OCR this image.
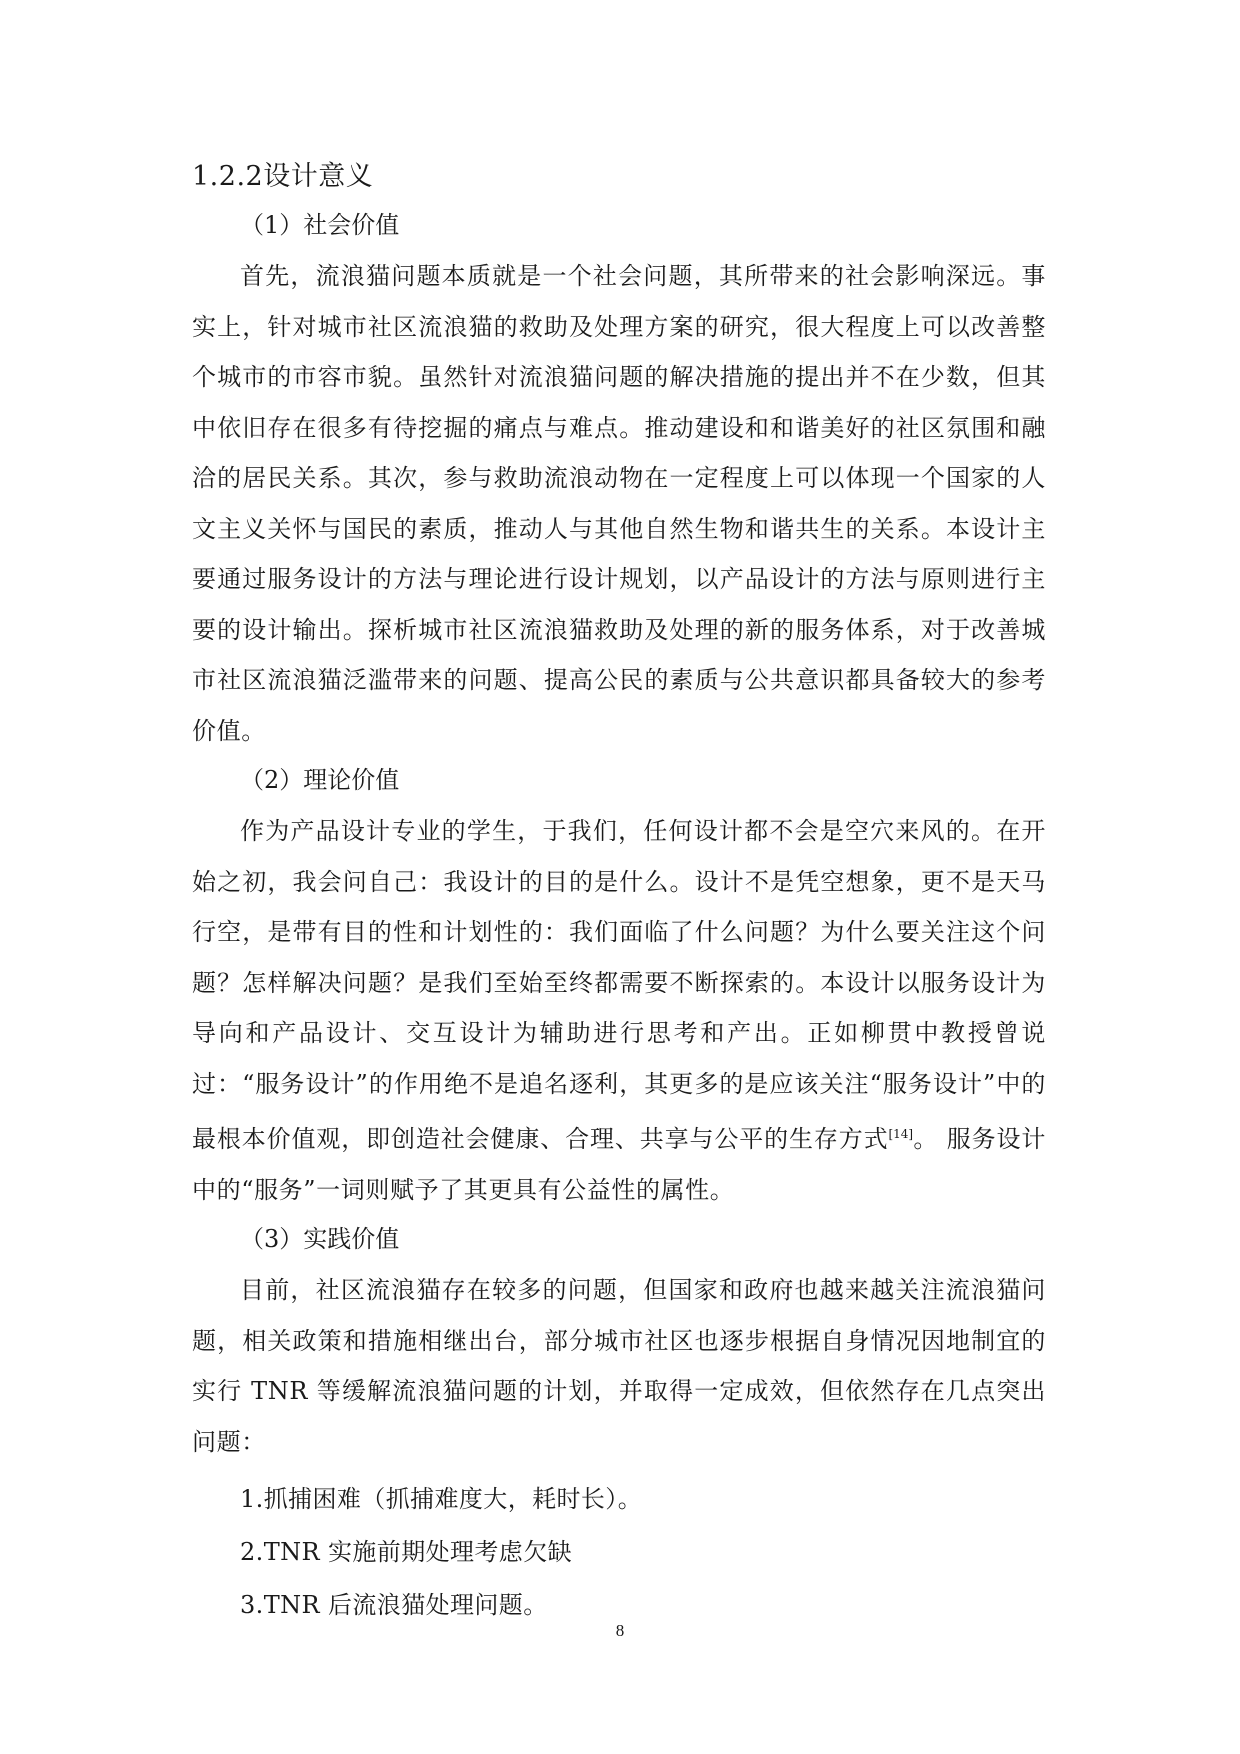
1.2.2设计意义
（1）社会价值

首先，流浪猫问题本质就是一个社会问题，其所带来的社会影响深远。事实上，针对城市社区流浪猫的救助及处理方案的研究，很大程度上可以改善整个城市的市容市貌。虽然针对流浪猫问题的解决措施的提出并不在少数，但其中依旧存在很多有待挖掘的痛点与难点。推动建设和和谐美好的社区氛围和融洽的居民关系。其次，参与救助流浪动物在一定程度上可以体现一个国家的人文主义关怀与国民的素质，推动人与其他自然生物和谐共生的关系。本设计主要通过服务设计的方法与理论进行设计规划，以产品设计的方法与原则进行主要的设计输出。探析城市社区流浪猫救助及处理的新的服务体系，对于改善城市社区流浪猫泛滥带来的问题、提高公民的素质与公共意识都具备较大的参考价值。

（2）理论价值

作为产品设计专业的学生，于我们，任何设计都不会是空穴来风的。在开始之初，我会问自己：我设计的目的是什么。设计不是凭空想象，更不是天马行空，是带有目的性和计划性的：我们面临了什么问题？为什么要关注这个问题？怎样解决问题？是我们至始至终都需要不断探索的。本设计以服务设计为导向和产品设计、交互设计为辅助进行思考和产出。正如柳贯中教授曾说过：“服务设计”的作用绝不是追名逐利，其更多的是应该关注“服务设计”中的最根本价值观，即创造社会健康、合理、共享与公平的生存方式[14]。 服务设计中的“服务”一词则赋予了其更具有公益性的属性。

（3）实践价值

目前，社区流浪猫存在较多的问题，但国家和政府也越来越关注流浪猫问题，相关政策和措施相继出台，部分城市社区也逐步根据自身情况因地制宜的实行 TNR 等缓解流浪猫问题的计划，并取得一定成效，但依然存在几点突出问题：

1.抓捕困难（抓捕难度大，耗时长）。
2.TNR 实施前期处理考虑欠缺
3.TNR 后流浪猫处理问题。
8
